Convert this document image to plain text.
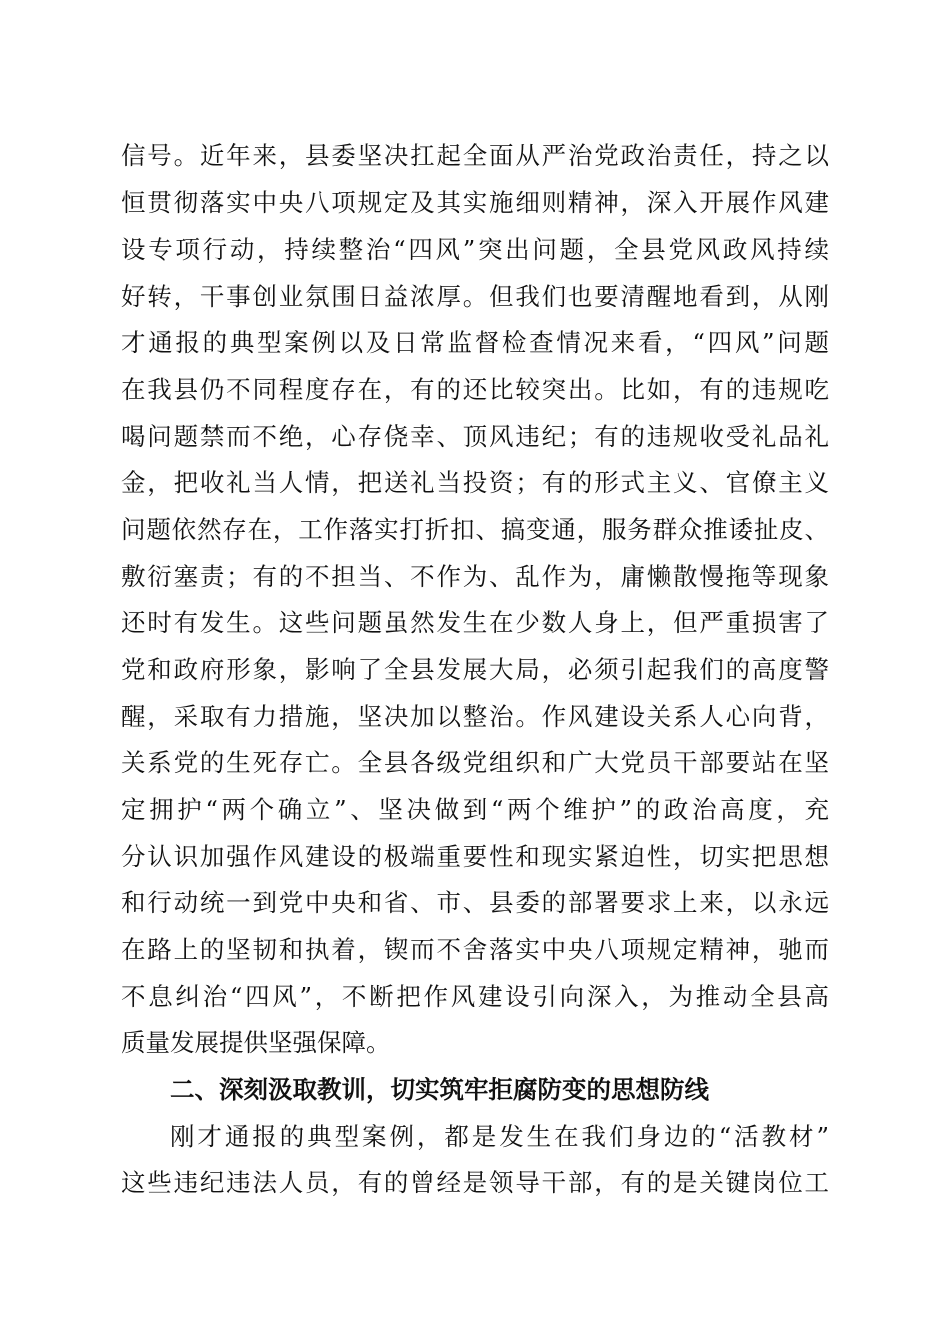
信号。近年来，县委坚决扛起全面从严治党政治责任，持之以
恒贯彻落实中央八项规定及其实施细则精神，深入开展作风建
设专项行动，持续整治“四风”突出问题，全县党风政风持续
好转，干事创业氛围日益浓厚。但我们也要清醒地看到，从刚
才通报的典型案例以及日常监督检查情况来看，“四风”问题
在我县仍不同程度存在，有的还比较突出。比如，有的违规吃
喝问题禁而不绝，心存侥幸、顶风违纪；有的违规收受礼品礼
金，把收礼当人情，把送礼当投资；有的形式主义、官僚主义
问题依然存在，工作落实打折扣、搞变通，服务群众推诿扯皮、
敷衍塞责；有的不担当、不作为、乱作为，庸懒散慢拖等现象
还时有发生。这些问题虽然发生在少数人身上，但严重损害了
党和政府形象，影响了全县发展大局，必须引起我们的高度警
醒，采取有力措施，坚决加以整治。作风建设关系人心向背，
关系党的生死存亡。全县各级党组织和广大党员干部要站在坚
定拥护“两个确立”、坚决做到“两个维护”的政治高度，充
分认识加强作风建设的极端重要性和现实紧迫性，切实把思想
和行动统一到党中央和省、市、县委的部署要求上来，以永远
在路上的坚韧和执着，锲而不舍落实中央八项规定精神，驰而
不息纠治“四风”，不断把作风建设引向深入，为推动全县高
质量发展提供坚强保障。
二、深刻汲取教训，切实筑牢拒腐防变的思想防线
刚才通报的典型案例，都是发生在我们身边的“活教材”
这些违纪违法人员，有的曾经是领导干部，有的是关键岗位工
